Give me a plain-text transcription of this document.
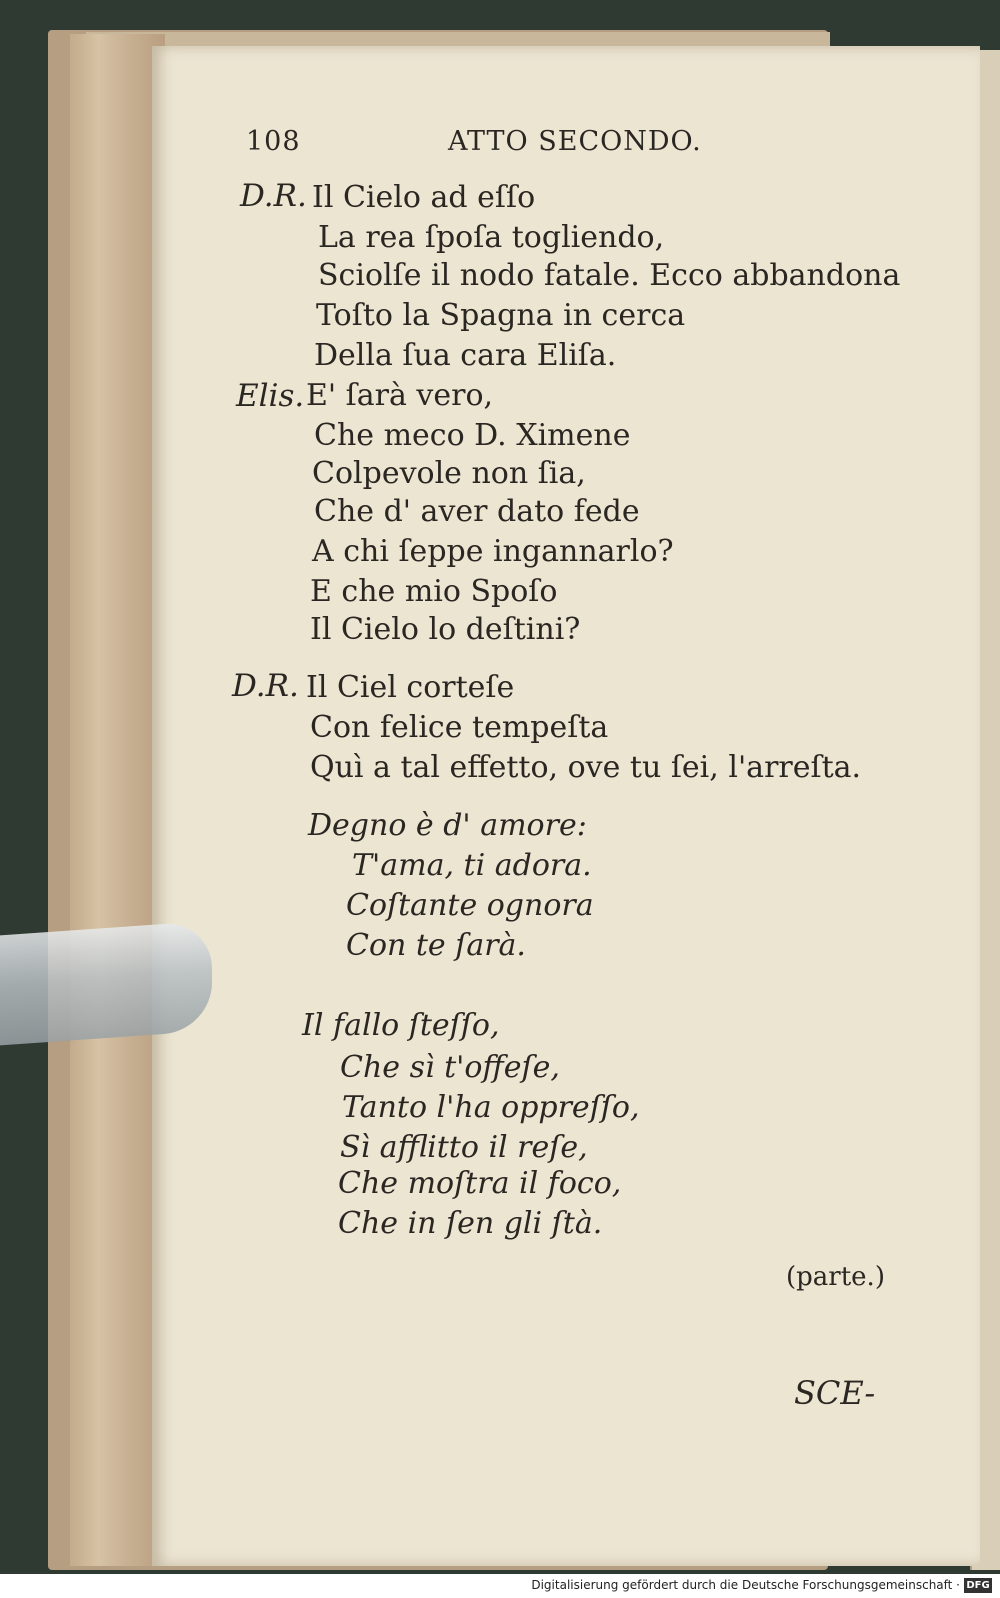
108	ATTO SECONDO.
D.R. Il Cielo ad eſſo
La rea ſpoſa togliendo,
Sciolſe il nodo fatale. Ecco abbandona
Toſto la Spagna in cerca
Della ſua cara Eliſa.
Elis. E' ſarà vero,
Che meco D. Ximene
Colpevole non ſia,
Che d' aver dato fede
A chi ſeppe ingannarlo?
E che mio Spoſo
Il Cielo lo deſtini?
D.R. Il Ciel corteſe
Con felice tempeſta
Quì a tal effetto, ove tu ſei, l'arreſta.
Degno è d' amore:
T'ama, ti adora.
Coſtante ognora
Con te ſarà.
Il fallo ſteſſo,
Che sì t'offeſe,
Tanto l'ha oppreſſo,
Sì afflitto il reſe,
Che moſtra il foco,
Che in ſen gli ſtà.
(parte.)
SCE-
Digitalisierung gefördert durch die Deutsche Forschungsgemeinschaft · DFG
